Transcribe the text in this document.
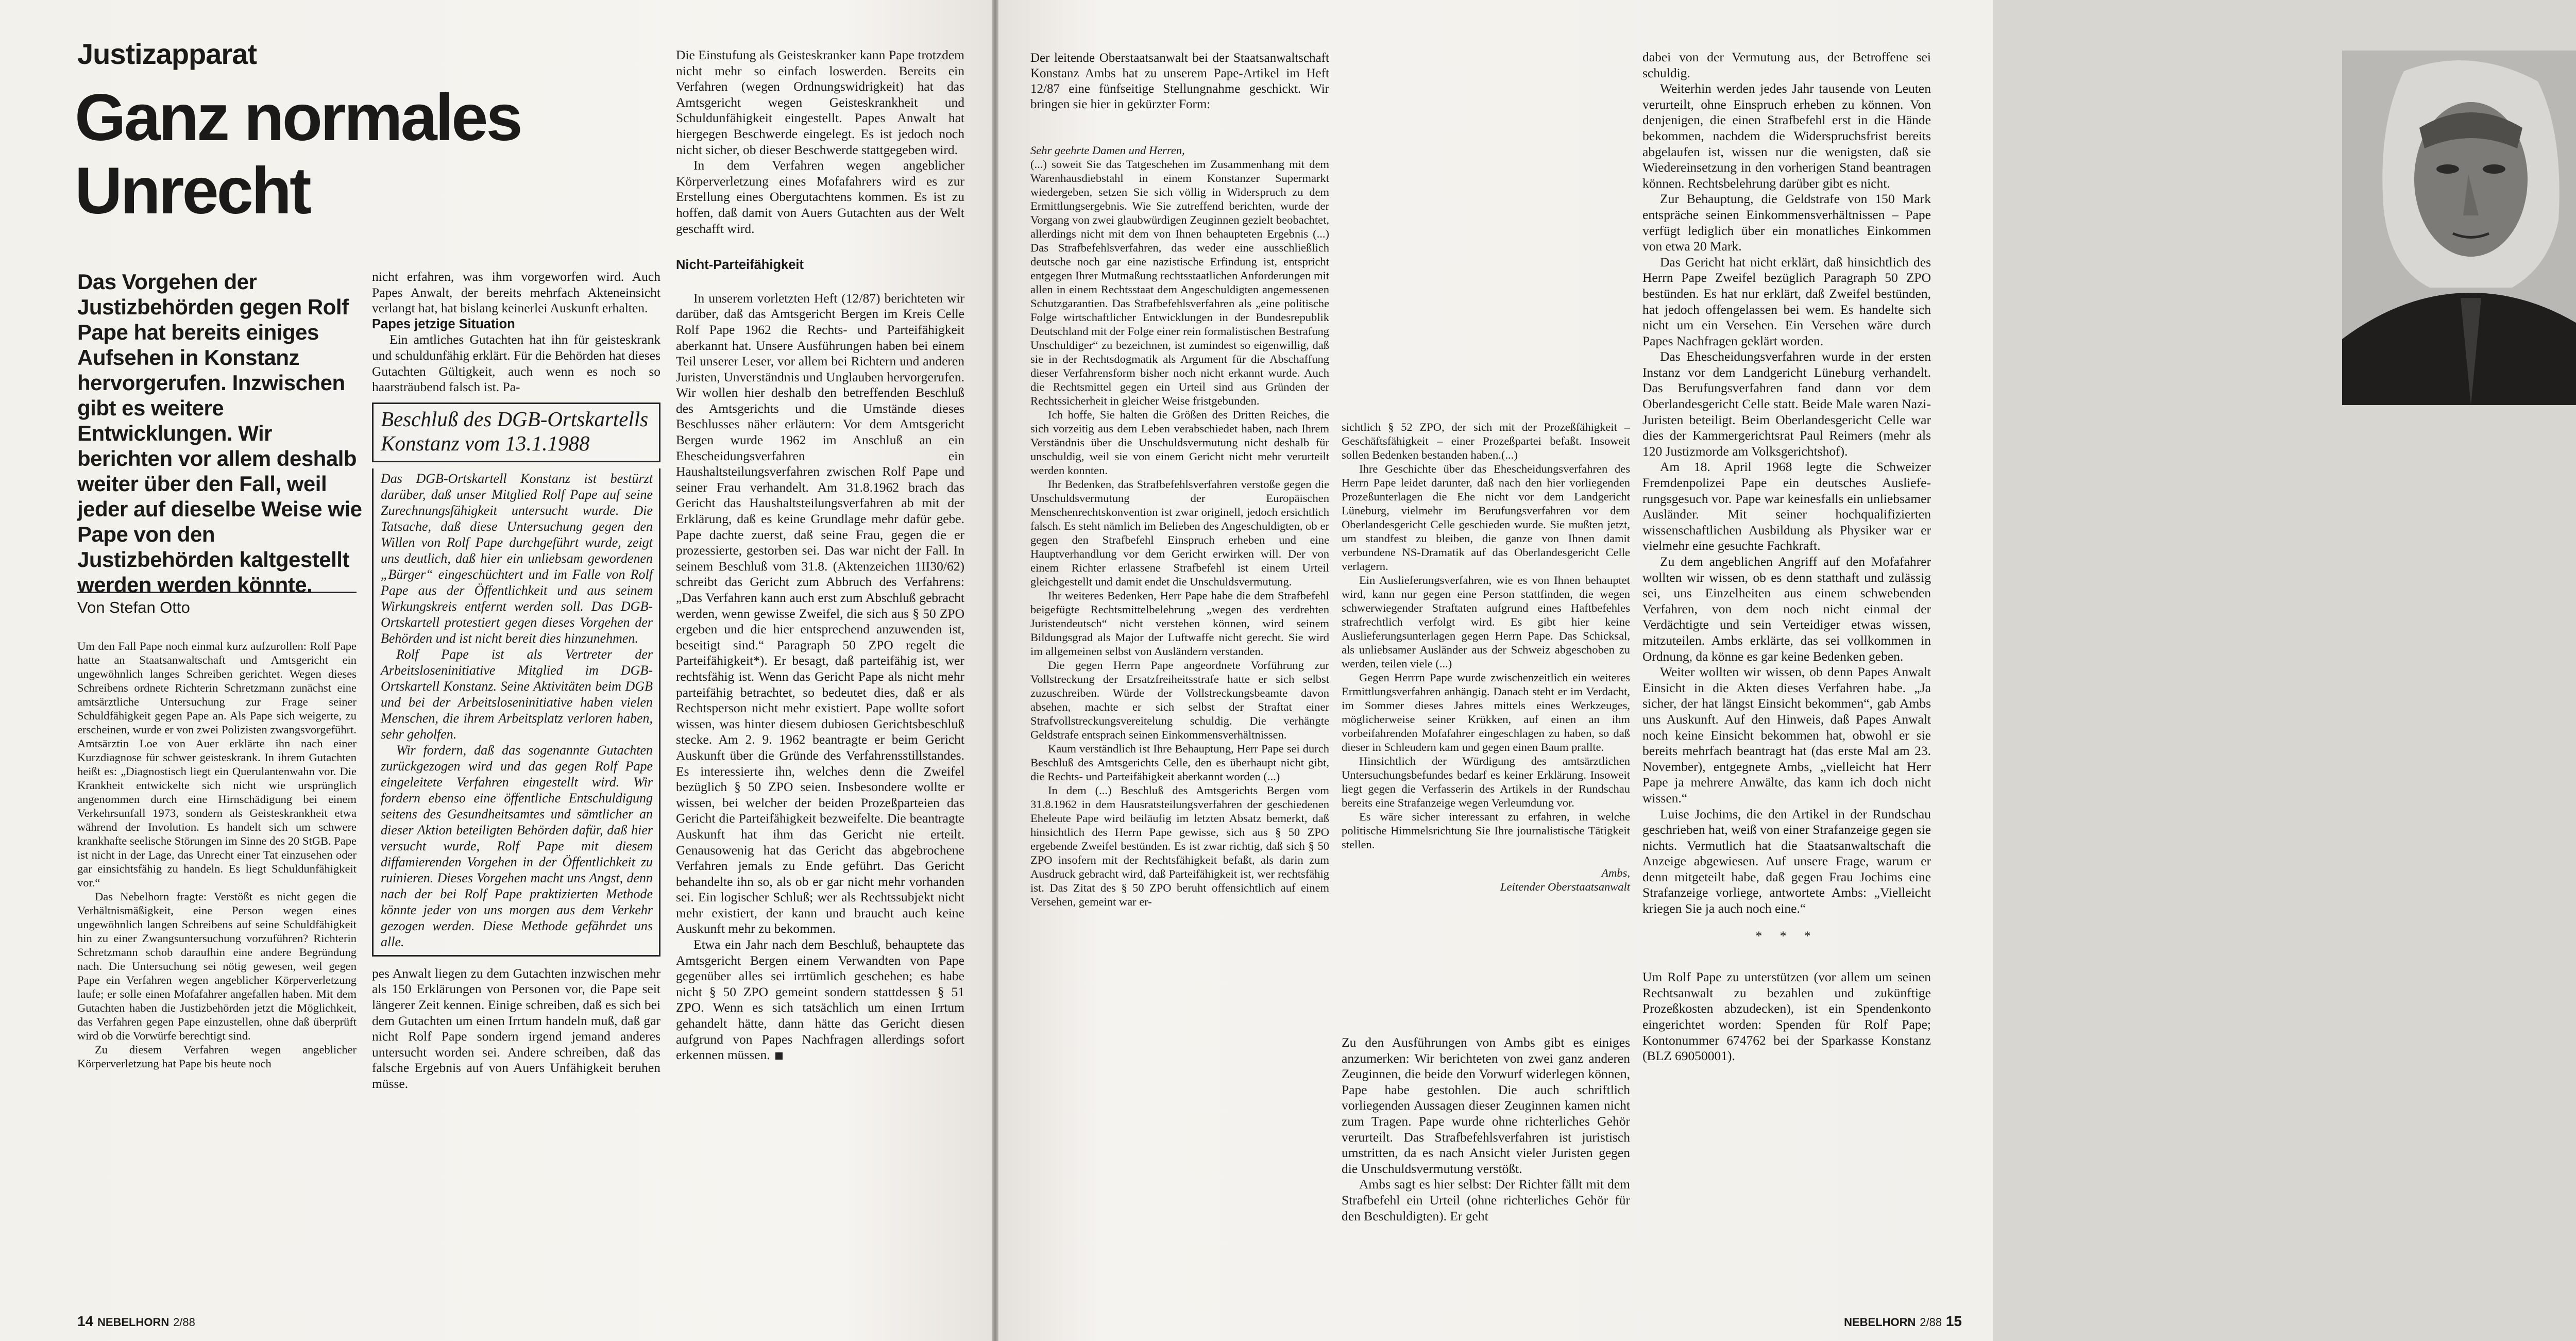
Justizapparat
Ganz normales
Unrecht
Das Vorgehen der Justizbehörden gegen Rolf Pape hat bereits einiges Aufsehen in Konstanz hervorgerufen. Inzwischen gibt es weitere Entwicklungen. Wir berichten vor allem deshalb weiter über den Fall, weil jeder auf dieselbe Weise wie Pape von den Justizbehörden kaltgestellt werden werden könnte.
Von Stefan Otto

Um den Fall Pape noch einmal kurz aufzurollen: Rolf Pape hatte an Staatsanwaltschaft und Amtsgericht ein ungewöhnlich langes Schreiben gerichtet. Wegen dieses Schreibens ordnete Richterin Schretzmann zunächst eine amtsärztliche Untersuchung zur Frage seiner Schuldfähigkeit gegen Pape an. Als Pape sich weigerte, zu erscheinen, wurde er von zwei Polizisten zwangsvorgeführt. Amtsärztin Loe von Auer erklärte ihn nach einer Kurzdiagnose für schwer geisteskrank. In ihrem Gutachten heißt es: „Diagnostisch liegt ein Querulantenwahn vor. Die Krankheit entwickelte sich nicht wie ursprünglich angenommen durch eine Hirnschädigung bei einem Verkehrsunfall 1973, sondern als Geisteskrankheit etwa während der Involution. Es handelt sich um schwere krankhafte seelische Störungen im Sinne des 20 StGB. Pape ist nicht in der Lage, das Unrecht einer Tat einzusehen oder gar einsichtsfähig zu handeln. Es liegt Schuldunfähigkeit vor.“

Das Nebelhorn fragte: Verstößt es nicht gegen die Verhältnismäßigkeit, eine Person wegen eines ungewöhnlich langen Schreibens auf seine Schuldfähigkeit hin zu einer Zwangsuntersuchung vorzuführen? Richterin Schretzmann schob daraufhin eine andere Begründung nach. Die Untersuchung sei nötig gewesen, weil gegen Pape ein Verfahren wegen angeblicher Körperverletzung laufe; er solle einen Mofafahrer angefallen haben. Mit dem Gutachten haben die Justizbehörden jetzt die Möglichkeit, das Verfahren gegen Pape einzustellen, ohne daß überprüft wird ob die Vorwürfe berechtigt sind.

Zu diesem Verfahren wegen angeblicher Körperverletzung hat Pape bis heute noch

nicht erfahren, was ihm vorgeworfen wird. Auch Papes Anwalt, der bereits mehrfach Akteneinsicht verlangt hat, hat bislang keinerlei Auskunft erhalten.

Papes jetzige Situation

Ein amtliches Gutachten hat ihn für geisteskrank und schuldunfähig erklärt. Für die Behörden hat dieses Gutachten Gültigkeit, auch wenn es noch so haarsträubend falsch ist. Pa-

Beschluß des DGB-Ortskartells Konstanz vom 13.1.1988

Das DGB-Ortskartell Konstanz ist bestürzt darüber, daß unser Mitglied Rolf Pape auf seine Zurechnungsfähigkeit untersucht wurde. Die Tatsache, daß diese Untersuchung gegen den Willen von Rolf Pape durchgeführt wurde, zeigt uns deutlich, daß hier ein unliebsam gewordenen „Bürger“ eingeschüchtert und im Falle von Rolf Pape aus der Öffentlichkeit und aus seinem Wirkungskreis entfernt werden soll. Das DGB-Ortskartell protestiert gegen dieses Vorgehen der Behörden und ist nicht bereit dies hinzunehmen.

Rolf Pape ist als Vertreter der Arbeitsloseninitiative Mitglied im DGB-Ortskartell Konstanz. Seine Aktivitäten beim DGB und bei der Arbeitsloseninitiative haben vielen Menschen, die ihrem Arbeitsplatz verloren haben, sehr geholfen.

Wir fordern, daß das sogenannte Gutachten zurückgezogen wird und das gegen Rolf Pape eingeleitete Verfahren eingestellt wird. Wir fordern ebenso eine öffentliche Entschuldigung seitens des Gesundheitsamtes und sämtlicher an dieser Aktion beteiligten Behörden dafür, daß hier versucht wurde, Rolf Pape mit diesem diffamierenden Vorgehen in der Öffentlichkeit zu ruinieren. Dieses Vorgehen macht uns Angst, denn nach der bei Rolf Pape praktizierten Methode könnte jeder von uns morgen aus dem Verkehr gezogen werden. Diese Methode gefährdet uns alle.

pes Anwalt liegen zu dem Gutachten inzwischen mehr als 150 Erklärungen von Personen vor, die Pape seit längerer Zeit kennen. Einige schreiben, daß es sich bei dem Gutachten um einen Irrtum handeln muß, daß gar nicht Rolf Pape sondern irgend jemand anderes untersucht worden sei. Andere schreiben, daß das falsche Ergebnis auf von Auers Unfähigkeit beruhen müsse.

Die Einstufung als Geisteskranker kann Pape trotzdem nicht mehr so einfach loswerden. Bereits ein Verfahren (wegen Ordnungswidrigkeit) hat das Amtsgericht wegen Geisteskrankheit und Schuldunfähigkeit eingestellt. Papes Anwalt hat hiergegen Beschwerde eingelegt. Es ist jedoch noch nicht sicher, ob dieser Beschwerde stattgegeben wird.

In dem Verfahren wegen angeblicher Körperverletzung eines Mofafahrers wird es zur Erstellung eines Obergutachtens kommen. Es ist zu hoffen, daß damit von Auers Gutachten aus der Welt geschafft wird.

Nicht-Parteifähigkeit

In unserem vorletzten Heft (12/87) berichteten wir darüber, daß das Amtsgericht Bergen im Kreis Celle Rolf Pape 1962 die Rechts- und Parteifähigkeit aberkannt hat. Unsere Ausführungen haben bei einem Teil unserer Leser, vor allem bei Richtern und anderen Juristen, Unverständnis und Unglauben hervorgerufen. Wir wollen hier deshalb den betreffenden Beschluß des Amtsgerichts und die Umstände dieses Beschlusses näher erläutern: Vor dem Amtsgericht Bergen wurde 1962 im Anschluß an ein Ehescheidungsverfahren ein Haushaltsteilungsverfahren zwischen Rolf Pape und seiner Frau verhandelt. Am 31.8.1962 brach das Gericht das Haushaltsteilungsverfahren ab mit der Erklärung, daß es keine Grundlage mehr dafür gebe. Pape dachte zuerst, daß seine Frau, gegen die er prozessierte, gestorben sei. Das war nicht der Fall. In seinem Beschluß vom 31.8. (Aktenzeichen 1II30/62) schreibt das Gericht zum Abbruch des Verfahrens: „Das Verfahren kann auch erst zum Abschluß gebracht werden, wenn gewisse Zweifel, die sich aus § 50 ZPO ergeben und die hier entsprechend anzuwenden ist, beseitigt sind.“ Paragraph 50 ZPO regelt die Parteifähigkeit*). Er besagt, daß parteifähig ist, wer rechtsfähig ist. Wenn das Gericht Pape als nicht mehr parteifähig betrachtet, so bedeutet dies, daß er als Rechtsperson nicht mehr existiert. Pape wollte sofort wissen, was hinter diesem dubiosen Gerichtsbeschluß stecke. Am 2. 9. 1962 beantragte er beim Gericht Auskunft über die Gründe des Verfahrensstillstandes. Es interessierte ihn, welches denn die Zweifel bezüglich § 50 ZPO seien. Insbesondere wollte er wissen, bei welcher der beiden Prozeßparteien das Gericht die Parteifähigkeit bezweifelte. Die beantragte Auskunft hat ihm das Gericht nie erteilt. Genausowenig hat das Gericht das abgebrochene Verfahren jemals zu Ende geführt. Das Gericht behandelte ihn so, als ob er gar nicht mehr vorhanden sei. Ein logischer Schluß; wer als Rechtssubjekt nicht mehr existiert, der kann und braucht auch keine Auskunft mehr zu bekommen.

Etwa ein Jahr nach dem Beschluß, behauptete das Amtsgericht Bergen einem Verwandten von Pape gegenüber alles sei irrtümlich geschehen; es habe nicht § 50 ZPO gemeint sondern stattdessen § 51 ZPO. Wenn es sich tatsächlich um einen Irrtum gehandelt hätte, dann hätte das Gericht diesen aufgrund von Papes Nachfragen allerdings sofort erkennen müssen.

14 NEBELHORN 2/88

Der leitende Oberstaatsanwalt bei der Staatsanwaltschaft Konstanz Ambs hat zu unserem Pape-Artikel im Heft 12/87 eine fünfseitige Stellungnahme geschickt. Wir bringen sie hier in gekürzter Form:

Sehr geehrte Damen und Herren,

(...) soweit Sie das Tatgeschehen im Zusammenhang mit dem Warenhausdiebstahl in einem Konstanzer Supermarkt wiedergeben, setzen Sie sich völlig in Widerspruch zu dem Ermittlungsergebnis. Wie Sie zutreffend berichten, wurde der Vorgang von zwei glaubwürdigen Zeuginnen gezielt beobachtet, allerdings nicht mit dem von Ihnen behaupteten Ergebnis (...) Das Strafbefehlsverfahren, das weder eine ausschließlich deutsche noch gar eine nazistische Erfindung ist, entspricht entgegen Ihrer Mutmaßung rechtsstaatlichen Anforderungen mit allen in einem Rechtsstaat dem Angeschuldigten angemessenen Schutzgarantien. Das Strafbefehlsverfahren als „eine politische Folge wirtschaftlicher Entwicklungen in der Bundesrepublik Deutschland mit der Folge einer rein formalistischen Bestrafung Unschuldiger“ zu bezeichnen, ist zumindest so eigenwillig, daß sie in der Rechtsdogmatik als Argument für die Abschaffung dieser Verfahrensform bisher noch nicht erkannt wurde. Auch die Rechtsmittel gegen ein Urteil sind aus Gründen der Rechtssicherheit in gleicher Weise fristgebunden.

Ich hoffe, Sie halten die Größen des Dritten Reiches, die sich vorzeitig aus dem Leben verabschiedet haben, nach Ihrem Verständnis über die Unschuldsvermutung nicht deshalb für unschuldig, weil sie von einem Gericht nicht mehr verurteilt werden konnten.

Ihr Bedenken, das Strafbefehlsverfahren verstoße gegen die Unschuldsvermutung der Europäischen Menschenrechtskonvention ist zwar originell, jedoch ersichtlich falsch. Es steht nämlich im Belieben des Angeschuldigten, ob er gegen den Strafbefehl Einspruch erheben und eine Hauptverhandlung vor dem Gericht erwirken will. Der von einem Richter erlassene Strafbefehl ist einem Urteil gleichgestellt und damit endet die Unschuldsvermutung.

Ihr weiteres Bedenken, Herr Pape habe die dem Strafbefehl beigefügte Rechtsmittelbelehrung „wegen des verdrehten Juristendeutsch“ nicht verstehen können, wird seinem Bildungsgrad als Major der Luftwaffe nicht gerecht. Sie wird im allgemeinen selbst von Ausländern verstanden.

Die gegen Herrn Pape angeordnete Vorführung zur Vollstreckung der Ersatzfreiheitsstrafe hatte er sich selbst zuzuschreiben. Würde der Vollstreckungsbeamte davon absehen, machte er sich selbst der Straftat einer Strafvollstreckungsvereitelung schuldig. Die verhängte Geldstrafe entsprach seinen Einkommensverhältnissen.

Kaum verständlich ist Ihre Behauptung, Herr Pape sei durch Beschluß des Amtsgerichts Celle, den es überhaupt nicht gibt, die Rechts- und Parteifähigkeit aberkannt worden (...)

In dem (...) Beschluß des Amtsgerichts Bergen vom 31.8.1962 in dem Hausratsteilungsverfahren der geschiedenen Eheleute Pape wird beiläufig im letzten Absatz bemerkt, daß hinsichtlich des Herrn Pape gewisse, sich aus § 50 ZPO ergebende Zweifel bestünden. Es ist zwar richtig, daß sich § 50 ZPO insofern mit der Rechtsfähigkeit befaßt, als darin zum Ausdruck gebracht wird, daß Parteifähigkeit ist, wer rechtsfähig ist. Das Zitat des § 50 ZPO beruht offensichtlich auf einem Versehen, gemeint war er-

sichtlich § 52 ZPO, der sich mit der Prozeßfähigkeit – Geschäftsfähigkeit – einer Prozeßpartei befaßt. Insoweit sollen Bedenken bestanden haben.(...)

Ihre Geschichte über das Ehescheidungsverfahren des Herrn Pape leidet darunter, daß nach den hier vorliegenden Prozeßunterlagen die Ehe nicht vor dem Landgericht Lüneburg, vielmehr im Berufungsverfahren vor dem Oberlandesgericht Celle geschieden wurde. Sie mußten jetzt, um standfest zu bleiben, die ganze von Ihnen damit verbundene NS-Dramatik auf das Oberlandesgericht Celle verlagern.

Ein Auslieferungsverfahren, wie es von Ihnen behauptet wird, kann nur gegen eine Person stattfinden, die wegen schwerwiegender Straftaten aufgrund eines Haftbefehles strafrechtlich verfolgt wird. Es gibt hier keine Auslieferungsunterlagen gegen Herrn Pape. Das Schicksal, als unliebsamer Ausländer aus der Schweiz abgeschoben zu werden, teilen viele (...)

Gegen Herrrn Pape wurde zwischenzeitlich ein weiteres Ermittlungsverfahren anhängig. Danach steht er im Verdacht, im Sommer dieses Jahres mittels eines Werkzeuges, möglicherweise seiner Krükken, auf einen an ihm vorbeifahrenden Mofafahrer eingeschlagen zu haben, so daß dieser in Schleudern kam und gegen einen Baum prallte.

Hinsichtlich der Würdigung des amtsärztlichen Untersuchungsbefundes bedarf es keiner Erklärung. Insoweit liegt gegen die Verfasserin des Artikels in der Rundschau bereits eine Strafanzeige wegen Verleumdung vor.

Es wäre sicher interessant zu erfahren, in welche politische Himmelsrichtung Sie Ihre journalistische Tätigkeit stellen.

Ambs,

Leitender Oberstaatsanwalt

Zu den Ausführungen von Ambs gibt es einiges anzumerken: Wir berichteten von zwei ganz anderen Zeuginnen, die beide den Vorwurf widerlegen können, Pape habe gestohlen. Die auch schriftlich vorliegenden Aussagen dieser Zeuginnen kamen nicht zum Tragen. Pape wurde ohne richterliches Gehör verurteilt. Das Strafbefehlsverfahren ist juristisch umstritten, da es nach Ansicht vieler Juristen gegen die Unschuldsvermutung verstößt.

Ambs sagt es hier selbst: Der Richter fällt mit dem Strafbefehl ein Urteil (ohne richterliches Gehör für den Beschuldigten). Er geht

dabei von der Vermutung aus, der Betroffene sei schuldig.

Weiterhin werden jedes Jahr tausende von Leuten verurteilt, ohne Einspruch erheben zu können. Von denjenigen, die einen Strafbefehl erst in die Hände bekommen, nachdem die Widerspruchsfrist bereits abgelaufen ist, wissen nur die wenigsten, daß sie Wiedereinsetzung in den vorherigen Stand beantragen können. Rechtsbelehrung darüber gibt es nicht.

Zur Behauptung, die Geldstrafe von 150 Mark entspräche seinen Einkommensverhältnissen – Pape verfügt lediglich über ein monatliches Einkommen von etwa 20 Mark.

Das Gericht hat nicht erklärt, daß hinsichtlich des Herrn Pape Zweifel bezüglich Paragraph 50 ZPO bestünden. Es hat nur erklärt, daß Zweifel bestünden, hat jedoch offengelassen bei wem. Es handelte sich nicht um ein Versehen. Ein Versehen wäre durch Papes Nachfragen geklärt worden.

Das Ehescheidungsverfahren wurde in der ersten Instanz vor dem Landgericht Lüneburg verhandelt. Das Berufungsverfahren fand dann vor dem Oberlandesgericht Celle statt. Beide Male waren Nazi-Juristen beteiligt. Beim Oberlandesgericht Celle war dies der Kammergerichtsrat Paul Reimers (mehr als 120 Justizmorde am Volksgerichtshof).

Am 18. April 1968 legte die Schweizer Fremdenpolizei Pape ein deutsches Auslieferungsgesuch vor. Pape war keinesfalls ein unliebsamer Ausländer. Mit seiner hochqualifizierten wissenschaftlichen Ausbildung als Physiker war er vielmehr eine gesuchte Fachkraft.

Zu dem angeblichen Angriff auf den Mofafahrer wollten wir wissen, ob es denn statthaft und zulässig sei, uns Einzelheiten aus einem schwebenden Verfahren, von dem noch nicht einmal der Verdächtigte und sein Verteidiger etwas wissen, mitzuteilen. Ambs erklärte, das sei vollkommen in Ordnung, da könne es gar keine Bedenken geben.

Weiter wollten wir wissen, ob denn Papes Anwalt Einsicht in die Akten dieses Verfahren habe. „Ja sicher, der hat längst Einsicht bekommen“, gab Ambs uns Auskunft. Auf den Hinweis, daß Papes Anwalt noch keine Einsicht bekommen hat, obwohl er sie bereits mehrfach beantragt hat (das erste Mal am 23. November), entgegnete Ambs, „vielleicht hat Herr Pape ja mehrere Anwälte, das kann ich doch nicht wissen.“

Luise Jochims, die den Artikel in der Rundschau geschrieben hat, weiß von einer Strafanzeige gegen sie nichts. Vermutlich hat die Staatsanwaltschaft die Anzeige abgewiesen. Auf unsere Frage, warum er denn mitgeteilt habe, daß gegen Frau Jochims eine Strafanzeige vorliege, antwortete Ambs: „Vielleicht kriegen Sie ja auch noch eine.“

* * *

Um Rolf Pape zu unterstützen (vor allem um seinen Rechtsanwalt zu bezahlen und zukünftige Prozeßkosten abzudecken), ist ein Spendenkonto eingerichtet worden: Spenden für Rolf Pape; Kontonummer 674762 bei der Sparkasse Konstanz (BLZ 69050001).

NEBELHORN 2/88 15
